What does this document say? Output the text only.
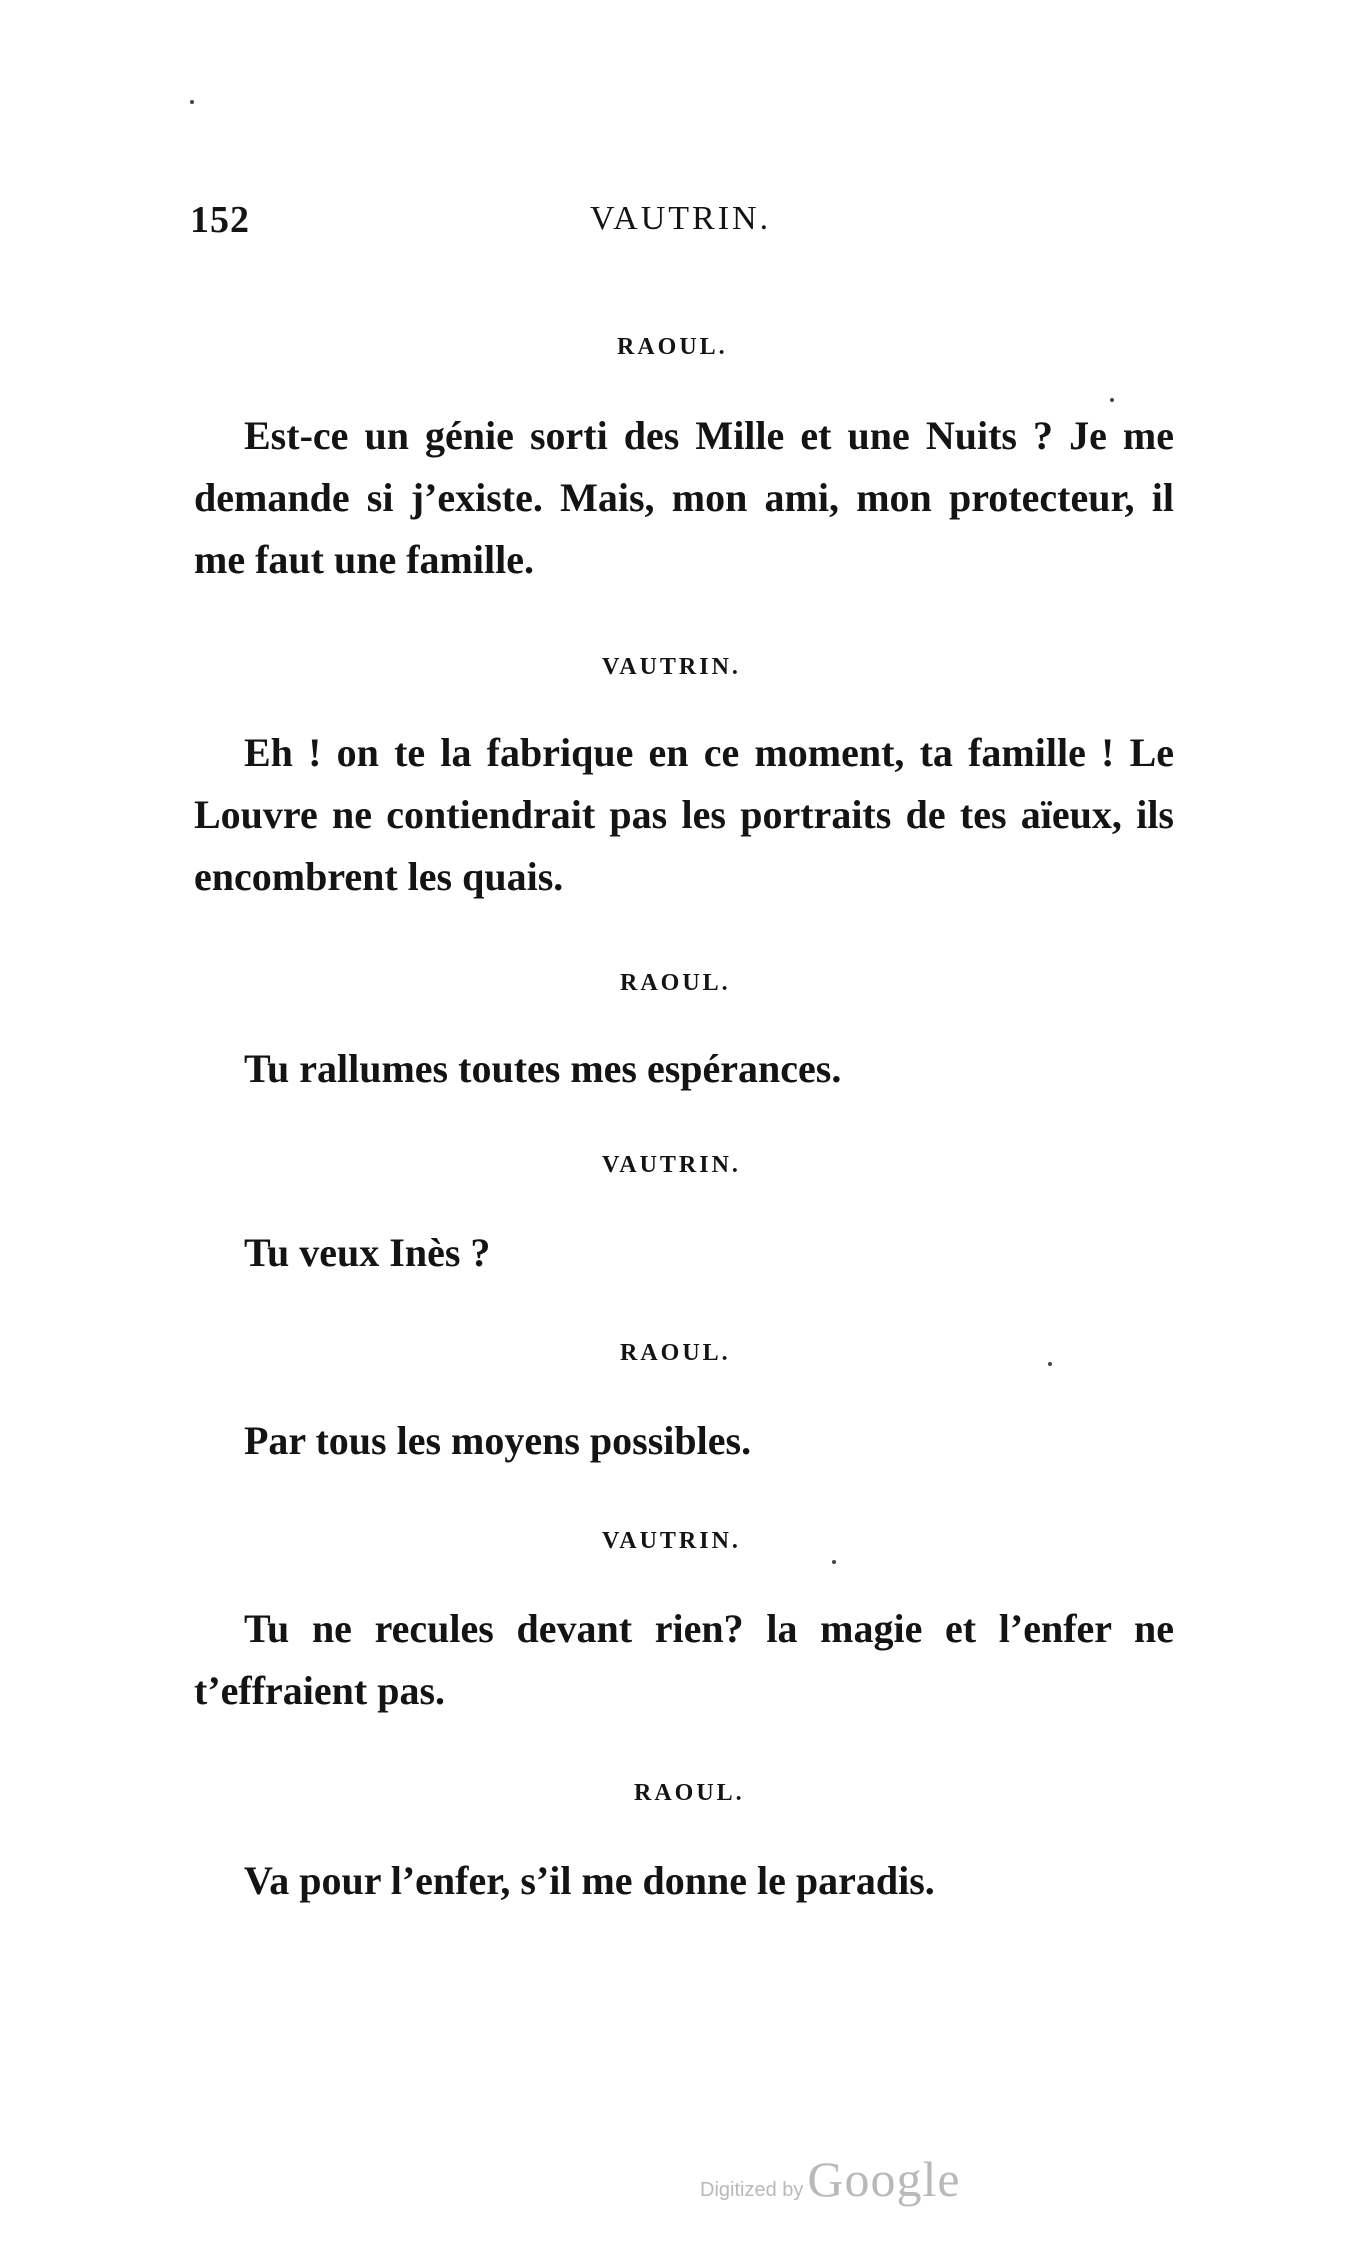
152	VAUTRIN.
RAOUL.

Est-ce un génie sorti des Mille et une Nuits ? Je me demande si j’existe. Mais, mon ami, mon protecteur, il me faut une famille.

VAUTRIN.

Eh ! on te la fabrique en ce moment, ta famille ! Le Louvre ne contiendrait pas les portraits de tes aïeux, ils encombrent les quais.

RAOUL.

Tu rallumes toutes mes espérances.

VAUTRIN.

Tu veux Inès ?

RAOUL.

Par tous les moyens possibles.

VAUTRIN.

Tu ne recules devant rien? la magie et l’enfer ne t’effraient pas.

RAOUL.

Va pour l’enfer, s’il me donne le paradis.

Digitized by Google
